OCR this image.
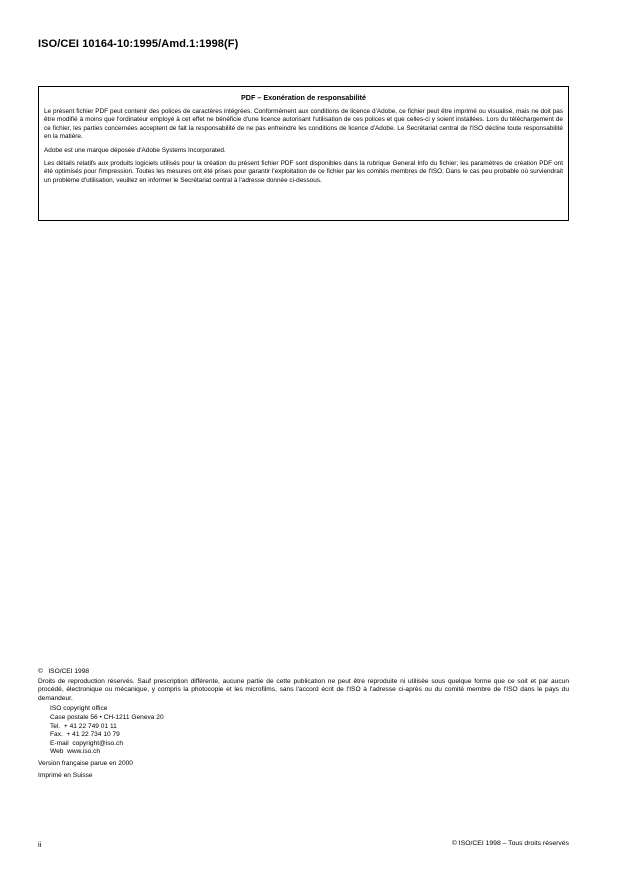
ISO/CEI 10164-10:1995/Amd.1:1998(F)
PDF – Exonération de responsabilité

Le présent fichier PDF peut contenir des polices de caractères intégrées. Conformément aux conditions de licence d'Adobe, ce fichier peut être imprimé ou visualisé, mais ne doit pas être modifié à moins que l'ordinateur employé à cet effet ne bénéficie d'une licence autorisant l'utilisation de ces polices et que celles-ci y soient installées. Lors du téléchargement de ce fichier, les parties concernées acceptent de fait la responsabilité de ne pas enfreindre les conditions de licence d'Adobe. Le Secrétariat central de l'ISO décline toute responsabilité en la matière.

Adobe est une marque déposée d'Adobe Systems Incorporated.

Les détails relatifs aux produits logiciels utilisés pour la création du présent fichier PDF sont disponibles dans la rubrique General Info du fichier; les paramètres de création PDF ont été optimisés pour l'impression. Toutes les mesures ont été prises pour garantir l'exploitation de ce fichier par les comités membres de l'ISO. Dans le cas peu probable où surviendrait un problème d'utilisation, veuillez en informer le Secrétariat central à l'adresse donnée ci-dessous.

©   ISO/CEI 1998
Droits de reproduction réservés. Sauf prescription différente, aucune partie de cette publication ne peut être reproduite ni utilisée sous quelque forme que ce soit et par aucun procédé, électronique ou mécanique, y compris la photocopie et les microfilms, sans l'accord écrit de l'ISO à l'adresse ci-après ou du comité membre de l'ISO dans le pays du demandeur.
ISO copyright office
Case postale 56 • CH-1211 Geneva 20
Tel.  + 41 22 749 01 11
Fax.  + 41 22 734 10 79
E-mail  copyright@iso.ch
Web  www.iso.ch
Version française parue en 2000
Imprimé en Suisse
ii	© ISO/CEI 1998 – Tous droits réservés
